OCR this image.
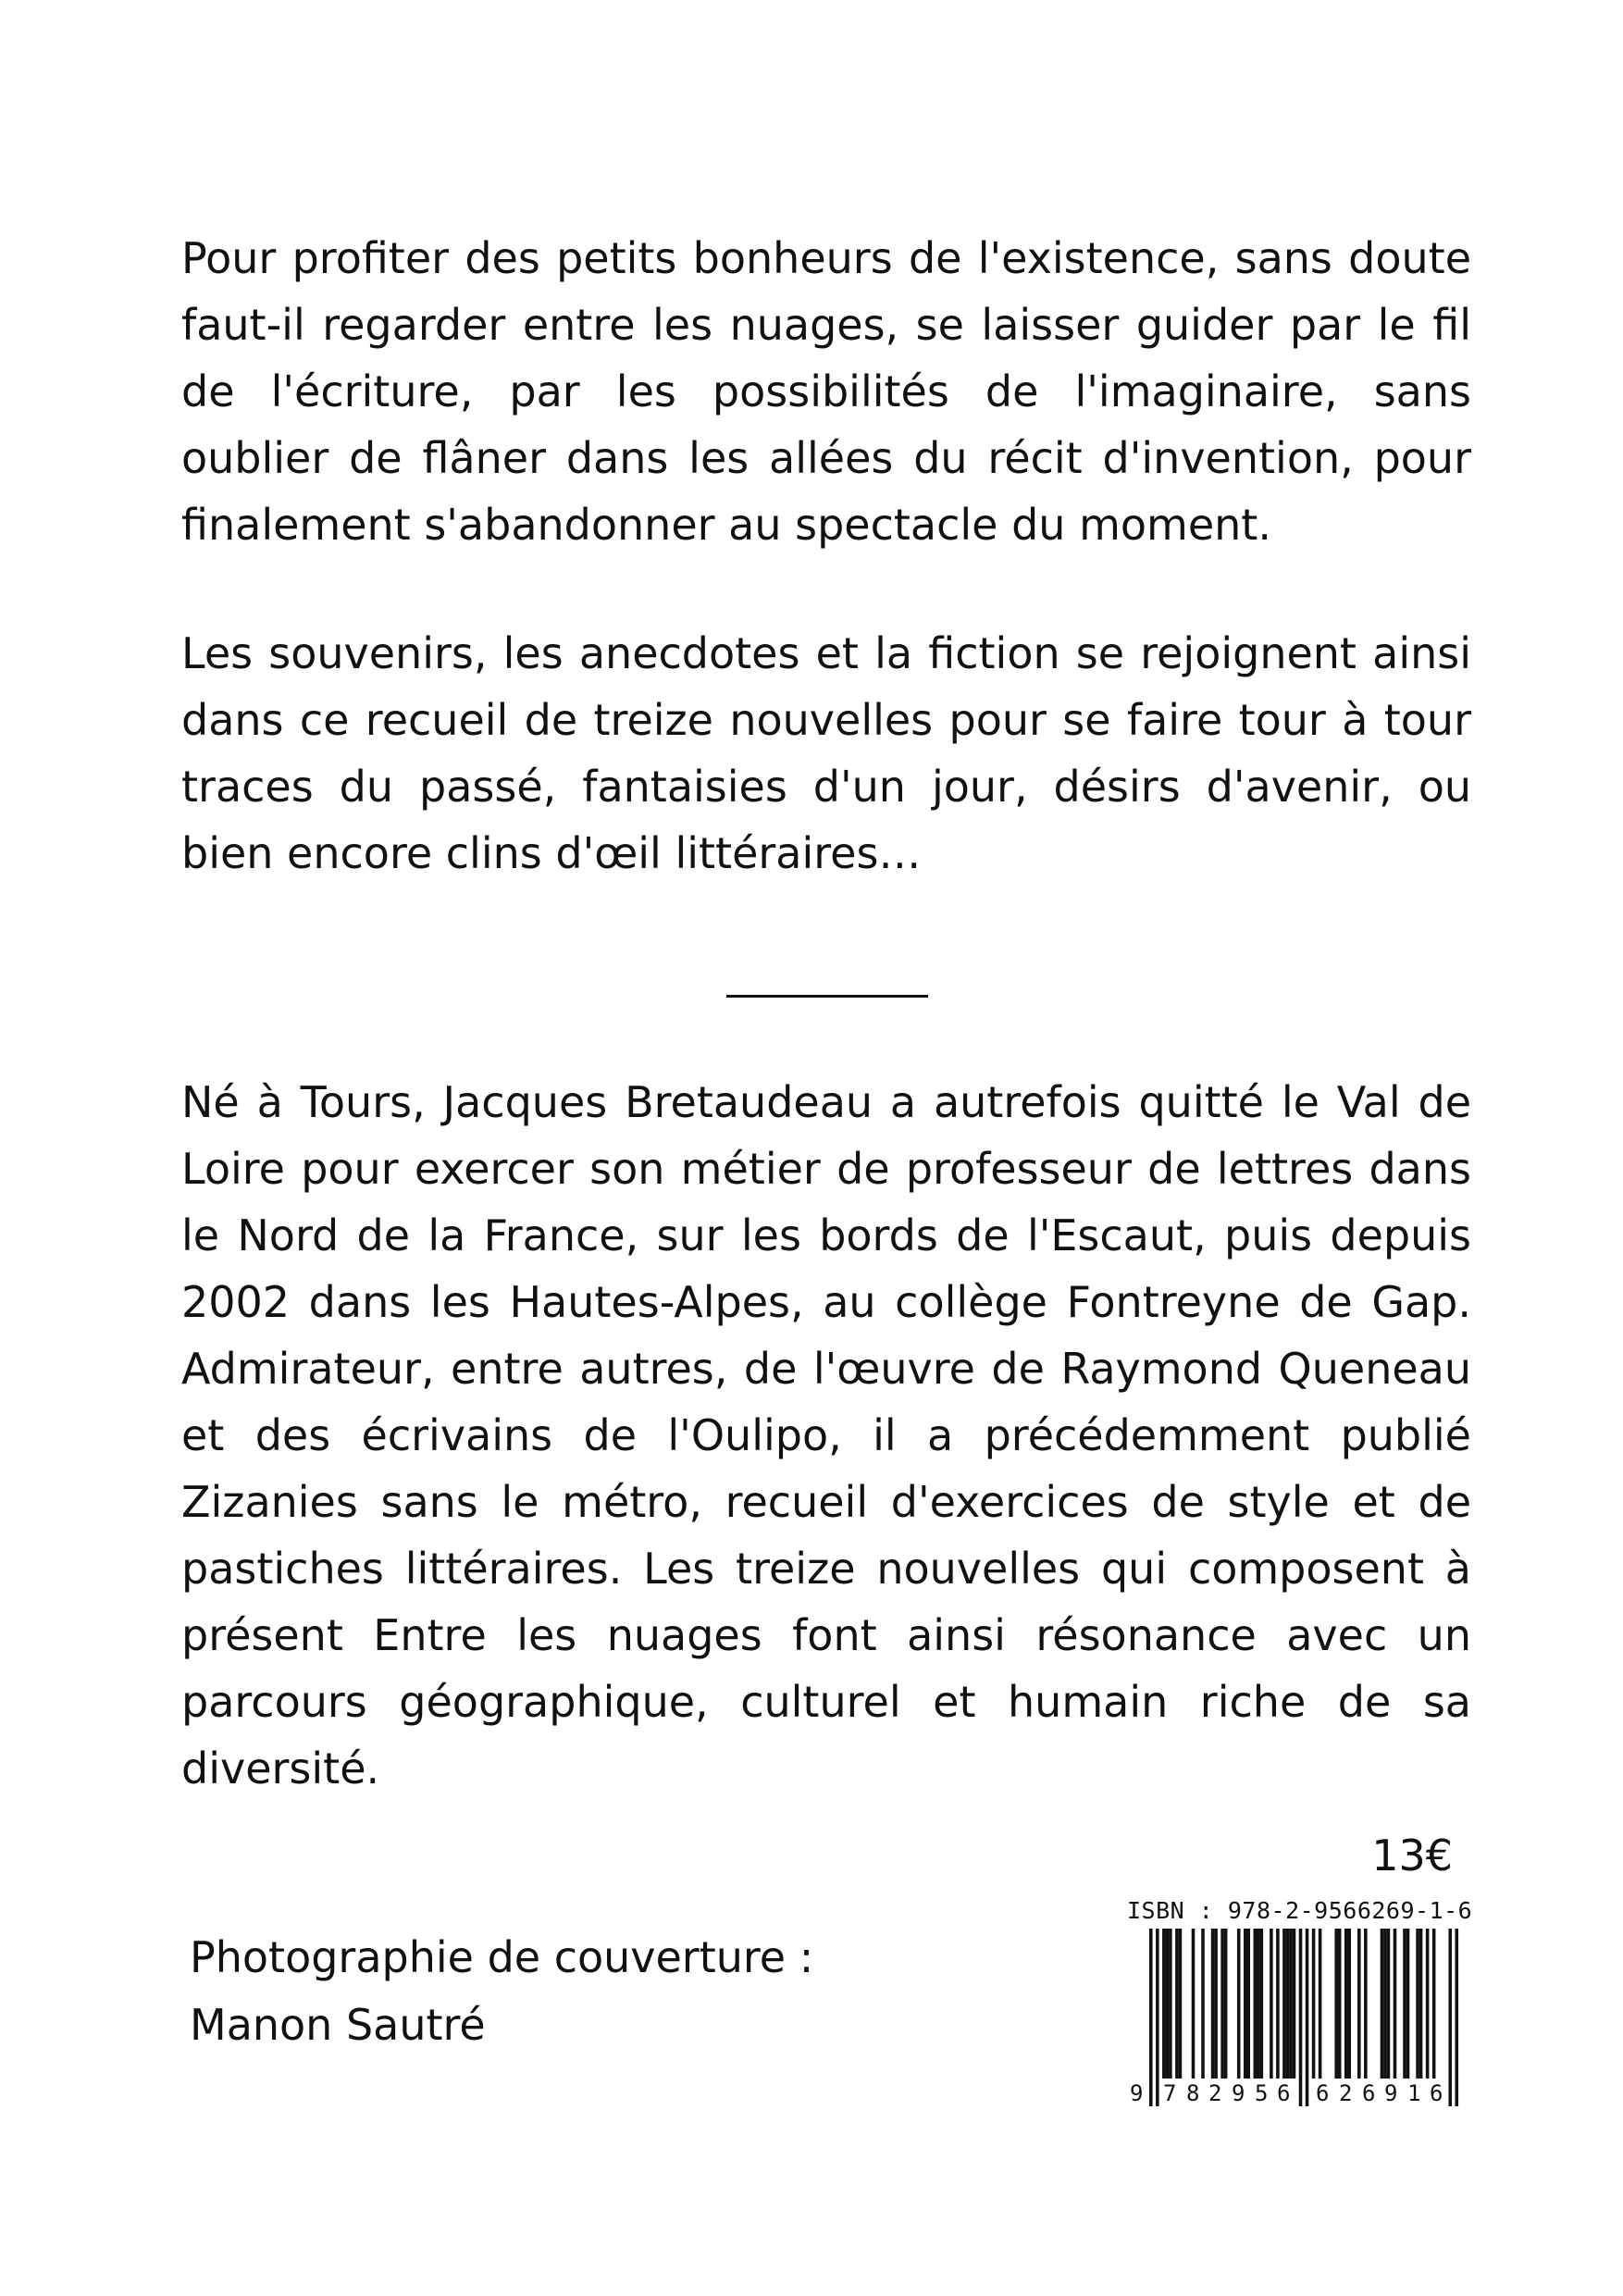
Pour profiter des petits bonheurs de l'existence, sans doute faut-il regarder entre les nuages, se laisser guider par le fil de l'écriture, par les possibilités de l'imaginaire, sans oublier de flâner dans les allées du récit d'invention, pour finalement s'abandonner au spectacle du moment.

Les souvenirs, les anecdotes et la fiction se rejoignent ainsi dans ce recueil de treize nouvelles pour se faire tour à tour traces du passé, fantaisies d'un jour, désirs d'avenir, ou bien encore clins d'œil littéraires…

Né à Tours, Jacques Bretaudeau a autrefois quitté le Val de Loire pour exercer son métier de professeur de lettres dans le Nord de la France, sur les bords de l'Escaut, puis depuis 2002 dans les Hautes-Alpes, au collège Fontreyne de Gap. Admirateur, entre autres, de l'œuvre de Raymond Queneau et des écrivains de l'Oulipo, il a précédemment publié Zizanies sans le métro, recueil d'exercices de style et de pastiches littéraires. Les treize nouvelles qui composent à présent Entre les nuages font ainsi résonance avec un parcours géographique, culturel et humain riche de sa diversité.

13€
Photographie de couverture :
Manon Sautré
ISBN : 978-2-9566269-1-6
9 7 8 2 9 5 6 6 2 6 9 1 6
